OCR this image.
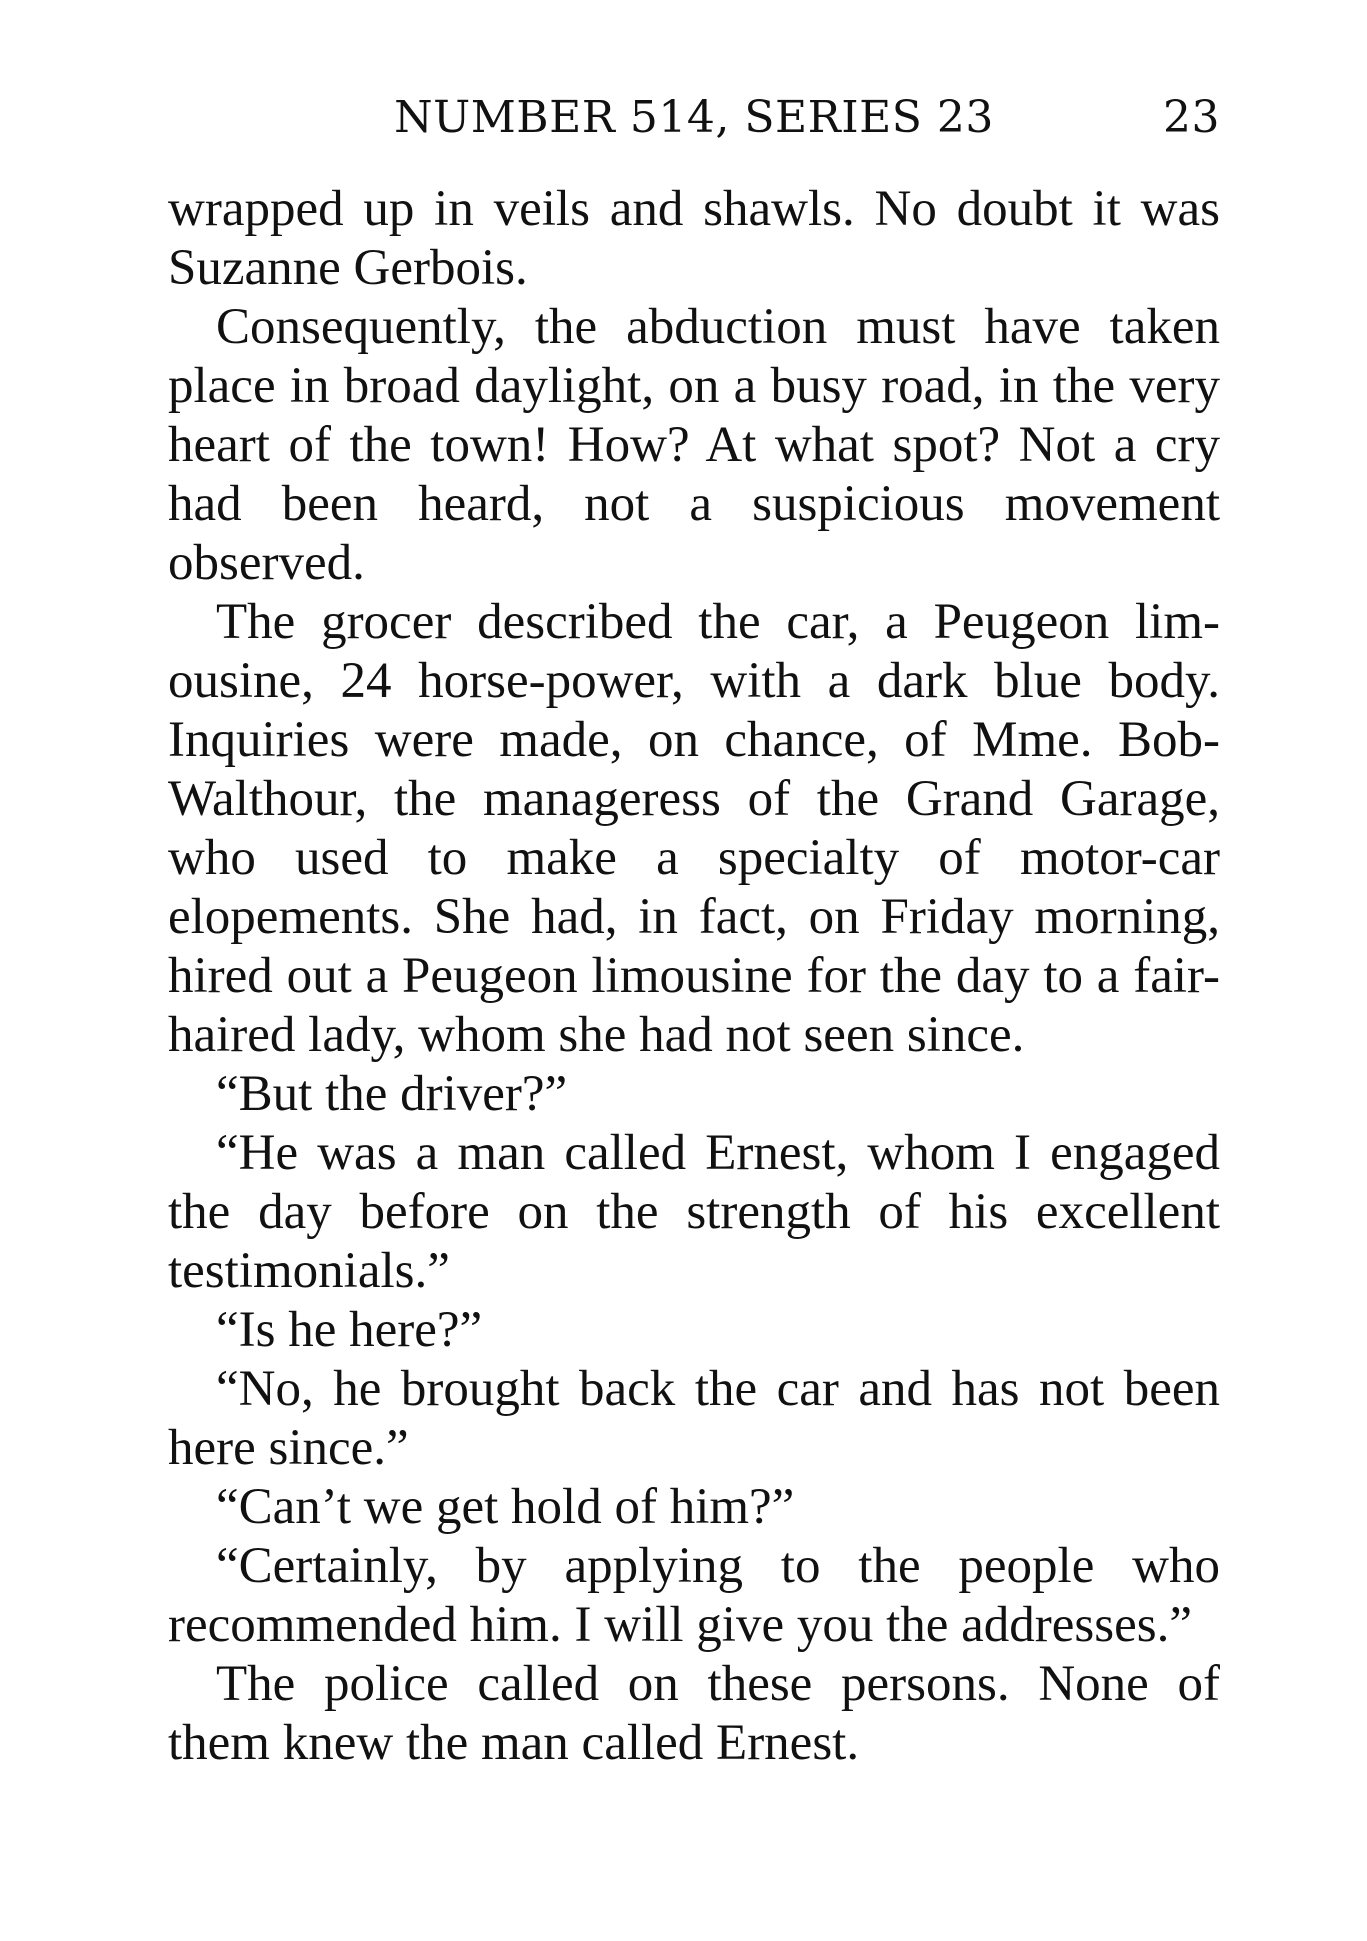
NUMBER 514, SERIES 23	23

wrapped up in veils and shawls. No doubt it was Suzanne Gerbois.

Consequently, the abduction must have taken place in broad daylight, on a busy road, in the very heart of the town! How? At what spot? Not a cry had been heard, not a suspicious movement observed.

The grocer described the car, a Peugeon limousine, 24 horse-power, with a dark blue body. Inquiries were made, on chance, of Mme. Bob-Walthour, the manageress of the Grand Garage, who used to make a specialty of motor-car elopements. She had, in fact, on Friday morning, hired out a Peugeon limousine for the day to a fair-haired lady, whom she had not seen since.

“But the driver?”

“He was a man called Ernest, whom I engaged the day before on the strength of his excellent testimonials.”

“Is he here?”

“No, he brought back the car and has not been here since.”

“Can’t we get hold of him?”

“Certainly, by applying to the people who recommended him. I will give you the addresses.”

The police called on these persons. None of them knew the man called Ernest.
